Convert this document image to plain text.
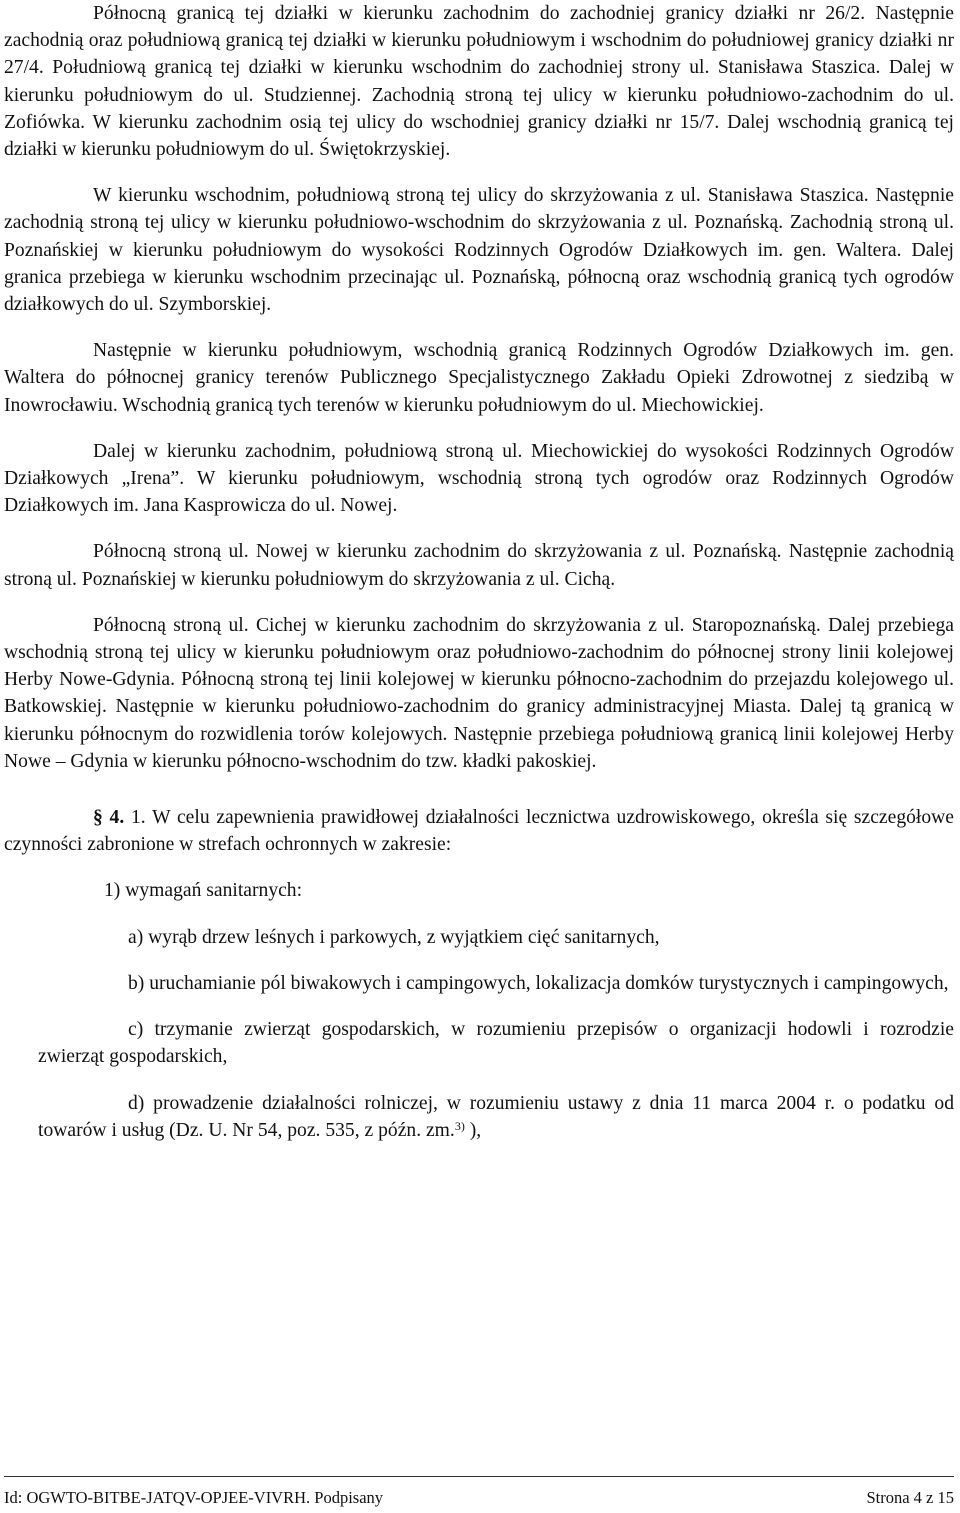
Północną granicą tej działki w kierunku zachodnim do zachodniej granicy działki nr 26/2. Następnie zachodnią oraz południową granicą tej działki w kierunku południowym i wschodnim do południowej granicy działki nr 27/4. Południową granicą tej działki w kierunku wschodnim do zachodniej strony ul. Stanisława Staszica. Dalej w kierunku południowym do ul. Studziennej. Zachodnią stroną tej ulicy w kierunku południowo-zachodnim do ul. Zofiówka. W kierunku zachodnim osią tej ulicy do wschodniej granicy działki nr 15/7. Dalej wschodnią granicą tej działki w kierunku południowym do ul. Świętokrzyskiej.

W kierunku wschodnim, południową stroną tej ulicy do skrzyżowania z ul. Stanisława Staszica. Następnie zachodnią stroną tej ulicy w kierunku południowo-wschodnim do skrzyżowania z ul. Poznańską. Zachodnią stroną ul. Poznańskiej w kierunku południowym do wysokości Rodzinnych Ogrodów Działkowych im. gen. Waltera. Dalej granica przebiega w kierunku wschodnim przecinając ul. Poznańską, północną oraz wschodnią granicą tych ogrodów działkowych do ul. Szymborskiej.

Następnie w kierunku południowym, wschodnią granicą Rodzinnych Ogrodów Działkowych im. gen. Waltera do północnej granicy terenów Publicznego Specjalistycznego Zakładu Opieki Zdrowotnej z siedzibą w Inowrocławiu. Wschodnią granicą tych terenów w kierunku południowym do ul. Miechowickiej.

Dalej w kierunku zachodnim, południową stroną ul. Miechowickiej do wysokości Rodzinnych Ogrodów Działkowych „Irena”. W kierunku południowym, wschodnią stroną tych ogrodów oraz Rodzinnych Ogrodów Działkowych im. Jana Kasprowicza do ul. Nowej.

Północną stroną ul. Nowej w kierunku zachodnim do skrzyżowania z ul. Poznańską. Następnie zachodnią stroną ul. Poznańskiej w kierunku południowym do skrzyżowania z ul. Cichą.

Północną stroną ul. Cichej w kierunku zachodnim do skrzyżowania z ul. Staropoznańską. Dalej przebiega wschodnią stroną tej ulicy w kierunku południowym oraz południowo-zachodnim do północnej strony linii kolejowej Herby Nowe-Gdynia. Północną stroną tej linii kolejowej w kierunku północno-zachodnim do przejazdu kolejowego ul. Batkowskiej. Następnie w kierunku południowo-zachodnim do granicy administracyjnej Miasta. Dalej tą granicą w kierunku północnym do rozwidlenia torów kolejowych. Następnie przebiega południową granicą linii kolejowej Herby Nowe – Gdynia w kierunku północno-wschodnim do tzw. kładki pakoskiej.

§ 4. 1. W celu zapewnienia prawidłowej działalności lecznictwa uzdrowiskowego, określa się szczegółowe czynności zabronione w strefach ochronnych w zakresie:

1) wymagań sanitarnych:

a) wyrąb drzew leśnych i parkowych, z wyjątkiem cięć sanitarnych,

b) uruchamianie pól biwakowych i campingowych, lokalizacja domków turystycznych i campingowych,

c) trzymanie zwierząt gospodarskich, w rozumieniu przepisów o organizacji hodowli i rozrodzie zwierząt gospodarskich,

d) prowadzenie działalności rolniczej, w rozumieniu ustawy z dnia 11 marca 2004 r. o podatku od towarów i usług (Dz. U. Nr 54, poz. 535, z późn. zm.$^{3)}$ ),

Id: OGWTO-BITBE-JATQV-OPJEE-VIVRH. Podpisany	Strona 4 z 15
